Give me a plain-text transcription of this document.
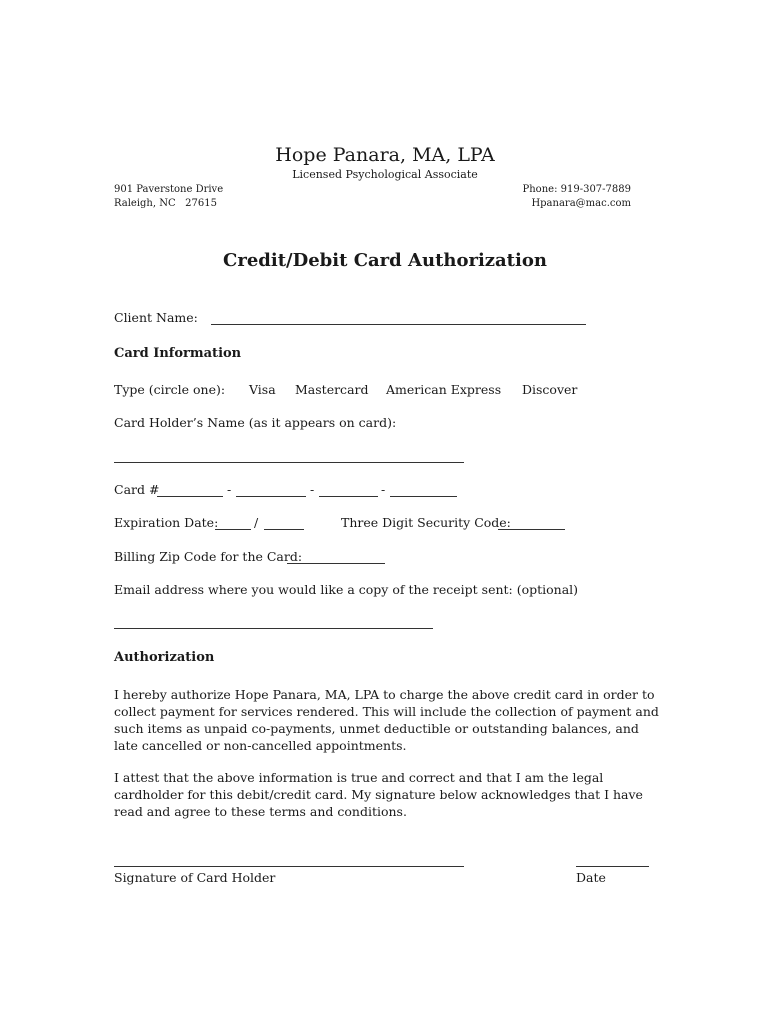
Hope Panara, MA, LPA
Licensed Psychological Associate
901 Paverstone Drive
Raleigh, NC   27615
Phone: 919-307-7889
Hpanara@mac.com
Credit/Debit Card Authorization
Client Name:
Card Information
Type (circle one): Visa Mastercard American Express Discover
Card Holder’s Name (as it appears on card):
Card #	-	-	-
Expiration Date:	/	Three Digit Security Code:
Billing Zip Code for the Card:
Email address where you would like a copy of the receipt sent: (optional)
Authorization
I hereby authorize Hope Panara, MA, LPA to charge the above credit card in order to collect payment for services rendered. This will include the collection of payment and such items as unpaid co-payments, unmet deductible or outstanding balances, and late cancelled or non-cancelled appointments.
I attest that the above information is true and correct and that I am the legal cardholder for this debit/credit card. My signature below acknowledges that I have read and agree to these terms and conditions.
Signature of Card Holder	Date
